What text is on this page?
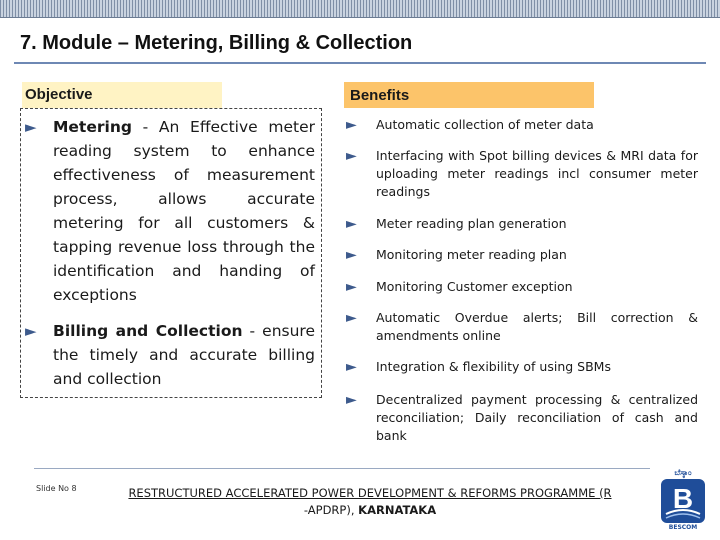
7. Module – Metering, Billing & Collection
Objective
►	Metering - An Effective meter reading system to enhance effectiveness of measurement process, allows accurate metering for all customers & tapping revenue loss through the identification and handing of exceptions
►	Billing and Collection - ensure the timely and accurate billing and collection
Benefits
►	Automatic collection of meter data
►	Interfacing with Spot billing devices & MRI data for uploading meter readings incl consumer meter readings
►	Meter reading plan generation
►	Monitoring meter reading plan
►	Monitoring Customer exception
►	Automatic Overdue alerts; Bill correction & amendments online
►	Integration & flexibility of using SBMs
►	Decentralized payment processing & centralized reconciliation; Daily reconciliation of cash and bank
Slide No 8	RESTRUCTURED ACCELERATED POWER DEVELOPMENT & REFORMS PROGRAMME (R
-APDRP), KARNATAKA
ಬೆಸ್ಕಾಂ
B
BESCOM
